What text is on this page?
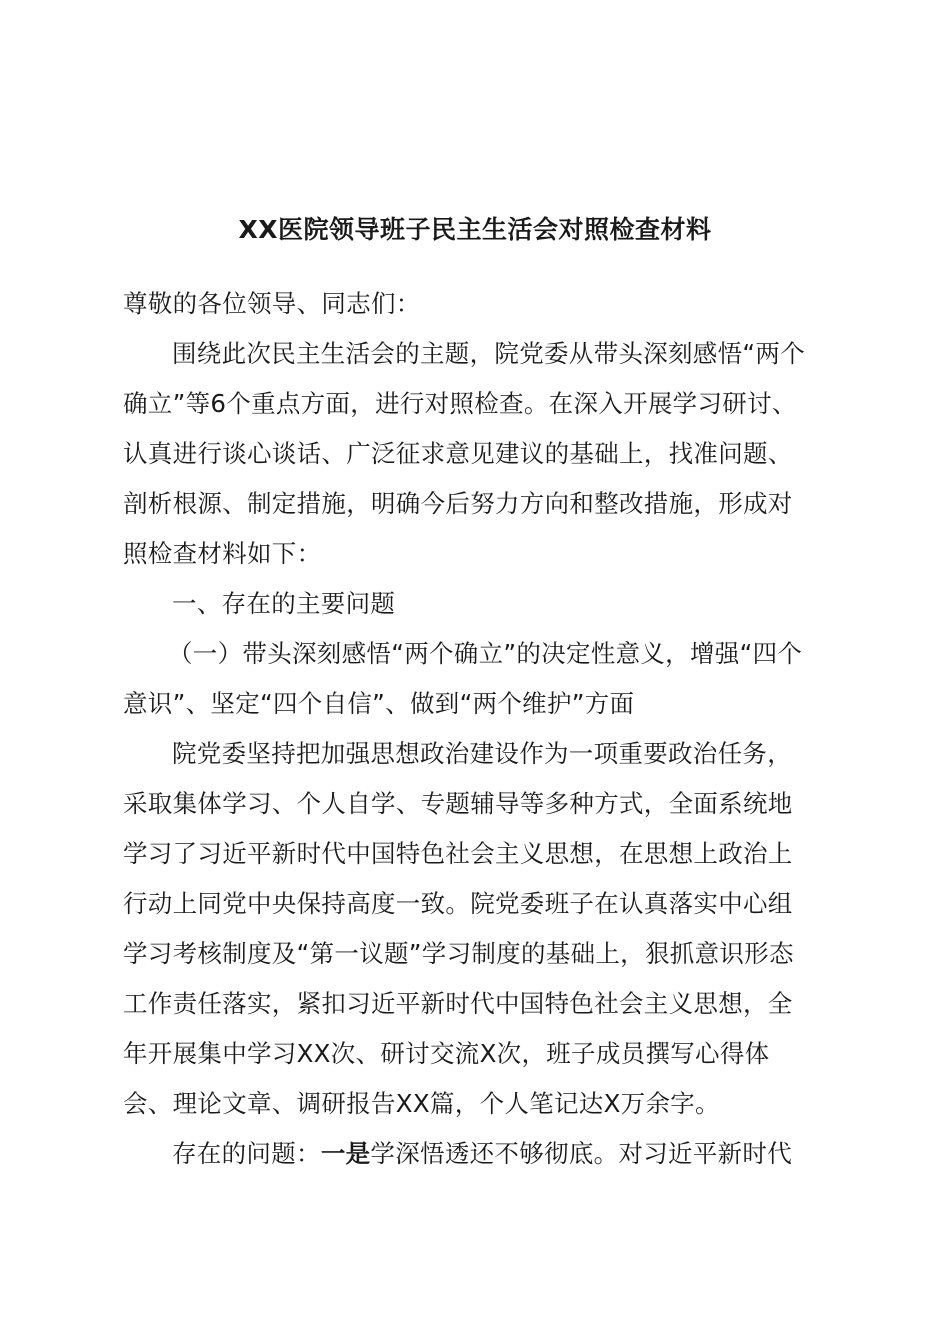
XX医院领导班子民主生活会对照检查材料
尊敬的各位领导、同志们：
围绕此次民主生活会的主题，院党委从带头深刻感悟“两个
确立”等6个重点方面，进行对照检查。在深入开展学习研讨、
认真进行谈心谈话、广泛征求意见建议的基础上，找准问题、
剖析根源、制定措施，明确今后努力方向和整改措施，形成对
照检查材料如下：
一、存在的主要问题
（一）带头深刻感悟“两个确立”的决定性意义，增强“四个
意识”、坚定“四个自信”、做到“两个维护”方面
院党委坚持把加强思想政治建设作为一项重要政治任务，
采取集体学习、个人自学、专题辅导等多种方式，全面系统地
学习了习近平新时代中国特色社会主义思想，在思想上政治上
行动上同党中央保持高度一致。院党委班子在认真落实中心组
学习考核制度及“第一议题”学习制度的基础上，狠抓意识形态
工作责任落实，紧扣习近平新时代中国特色社会主义思想，全
年开展集中学习XX次、研讨交流X次，班子成员撰写心得体
会、理论文章、调研报告XX篇，个人笔记达X万余字。
存在的问题：一是学深悟透还不够彻底。对习近平新时代
